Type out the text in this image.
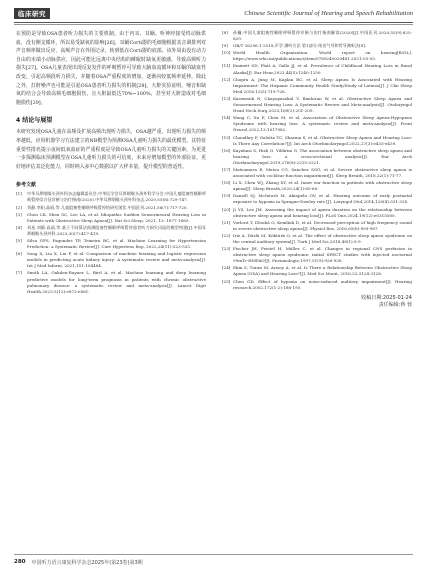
临床研究	Chinese Scientific Journal of Hearing and Speech Rehabilitation

在预防是导致OSA患者听力损失的主要机制。由于内耳、耳蜗、听神经接受终动脉供血，没有侧支循环，所以易受缺氧的影响[26]。耳蜗Corti器的毛细胞根据其音调排列对声音频率做出反应，高频声音在外围记录，转到低在Corti器的底部。该外周由没有动力自由的末端小动脉供应，因此可能比远离中央结构的睡眠时缺氧更敏感，导致高频听力损失[27]。OSA儿童表现出现反复发作的呼吸暂停可导致大脑血流循环和耳蜗的缺血性改变，引起高频段听力损失，并随着OSA严重程度的增加，逐渐向较低频率延伸。除此之外，打鼾噪声也可能是引起OSA患者听力损失的机制[28]。大鼾实验证明，噪音和缺氧的结合会导致高频毛细胞损伤，且大鼾最低达70%~100%，甚至对大鼾造成对毛细胞损伤[29]。

4 结论与展望

本研究发现OSA儿童在高频及扩展高频出现听力损失，OSA越严重，出现听力损失的频率越低，应用机器学习方法建立的NB模型为预测OSA儿童听力损失的最优模型。其特征重要性排名提示夜间低氧血症的严重程度是导致OSA儿童听力损失的关键因素。为更进一步探测临床预测模型在OSA儿童听力损失的可信度，未来应增加模型的外部验证，更好地评估其泛化能力，同时纳入多中心数据以扩大样本量，提升模型的普适性。

参考文献
[1]	中华耳鼻咽喉头颈外科杂志编辑委员会,中华医学会耳鼻咽喉头颈外科学分会,中国儿童阻塞性睡眠呼吸暂停综合征诊断与治疗指南(2020).中华耳鼻咽喉头颈外科杂志,2020,55(8):729-747.
[2]	刘静,李阳,高丽,等.儿童阻塞性睡眠呼吸暂停的研究现状.中国医刊,2021,56(7):717-720.
[3]	Chen CK, Shen SC, Lee LA, et al. Idiopathic Sudden Sensorineural Hearing Loss in Patients with Obstructive Sleep Apnea[J]. Nat Sci Sleep, 2021, 13: 1877-1885.
[4]	刘星,刘静,高丽,等.基于不同算法预测阻塞性睡眠呼吸暂停患者听力损失风险的模型构建[J].中国耳鼻咽喉头颈外科,2023,30(7):417-419.
[5]	Silva GFS, Fagundes TP, Teixeira BC, et al. Machine Learning for Hypertension Prediction: a Systematic Review[J]. Curr Hypertens Rep, 2022,24(11):523-533.
[6]	Song X, Liu X, Liu F, et al. Comparison of machine learning and logistic regression models in predicting acute kidney injury: A systematic review and meta-analysis[J]. Int J Med Inform, 2021,151:104484.
[7]	Smith LA, Oakden-Rayner L, Bird A, et al. Machine learning and deep learning predictive models for long-term prognosis in patients with chronic obstructive pulmonary disease: a systematic review and meta-analysis[J]. Lancet Digit Health,2023,5(12):e872-e881.
[8]	孙巍.中国儿童阻塞性睡眠呼吸暂停诊断与治疗指南解读(2020)[J].中国医刊,2020,55(9):825-829.
[9]	GB/T 16296.1-2018,声学 测听方法 第1部分:纯音气导和骨导测听法[S].
[10] World Health Organization. World report on hearing[R/OL]. https://www.who.int/publications/i/item/9789240020481.2021-03-03.
[11] Emmett SD, Platt A, Gallo JJ, et al. Prevalence of Childhood Hearing Loss in Rural Alaska[J]. Ear Hear,2023,44(5):1240-1250.
[12] Chopra A, Jung M, Kaplan RC, et al. Sleep Apnea Is Associated with Hearing Impairment: The Hispanic Community Health Study/Study of Latinos[J]. J Clin Sleep Med,2016,12(5):719-726.
[13] Kasemsuk N, Chayopasakul V, Banhiran W, et al. Obstructive Sleep Apnea and Sensorineural Hearing Loss: A Systematic Review and Meta-analysis[J]. Otolaryngol Head Neck Surg,2023,169(2):201-209.
[14] Wang C, Xu F, Chen M, et al. Association of Obstructive Sleep Apnea-Hypopnea Syndrome with hearing loss: A systematic review and meta-analysis[J]. Front Neurol,2022,13:1017982.
[15] Chaudhry P, Gulotta TC, Sharma S, et al. Obstructive Sleep Apnea and Hearing Loss: Is There Any Correlation?[J]. Int Arch Otorhinolaryngol,2022,27(3):e433-e439.
[16] Kayabasi S, Hizli O, Yildirim G. The association between obstructive sleep apnea and hearing loss: a cross-sectional analysis[J]. Eur Arch Otorhinolaryngol,2019,276(8):2215-2221.
[17] Matsumura E, Matsu CG, Sanchez SGG, et al. Severe obstructive sleep apnea is associated with cochlear function impairment[J]. Sleep Breath, 2018,22(1):71-77.
[18] Li X, Chen WJ, Zhang XY, et al. Inner ear function in patients with obstructive sleep apnea[J]. Sleep Breath,2020,24(1):65-69.
[19] Daniell SJ, McIntosh M, Akinpelu OV, et al. Hearing outcome of early postnatal exposure to hypoxia in Sprague-Dawley rats [J]. Laryngol Otol,2014,128(4):331-335.
[20] Ji YS, Lee JM. Assessing the impact of apnea duration on the relationship between obstructive sleep apnea and hearing loss[J]. PLoS One,2024,19(12):e0315580.
[21] Vorlová T, Dlouhá O, Kemlink D, et al. Decreased perception of high frequency sound in severe obstructive sleep apnea[J]. Physiol Res, 2016,65(6):959-967.
[22] Iriz A, Düzlü M, Köktürk O, et al. The effect of obstructive sleep apnea syndrome on the central auditory system[J]. Turk J Med Sci,2018,48(1):5-9.
[23] Fischer JH, Feistel H, Müller C, et al. Changes in regional CNS perfusion in obstructive sleep apnea syndrome: initial SPECT studies with injected nocturnal 99mTc-HMPAO[J]. Pneumologie,1997,51(9):926-930.
[24] Ekin S, Turan M, Arısoy A, et al. Is There a Relationship Between Obstructive Sleep Apnea (OSA) and Hearing Loss?[J]. Med Sci Monit, 2016,22:3124-3128.
[25] Chen GD. Effect of hypoxia on noise-induced auditory impairment[J]. Hearing research,2002,172(1-2):186-195.
收稿日期:2025-01-24
责任编辑:蒋 蓉
280 中国听力语言康复科学杂志2025年(第23卷)第3期
